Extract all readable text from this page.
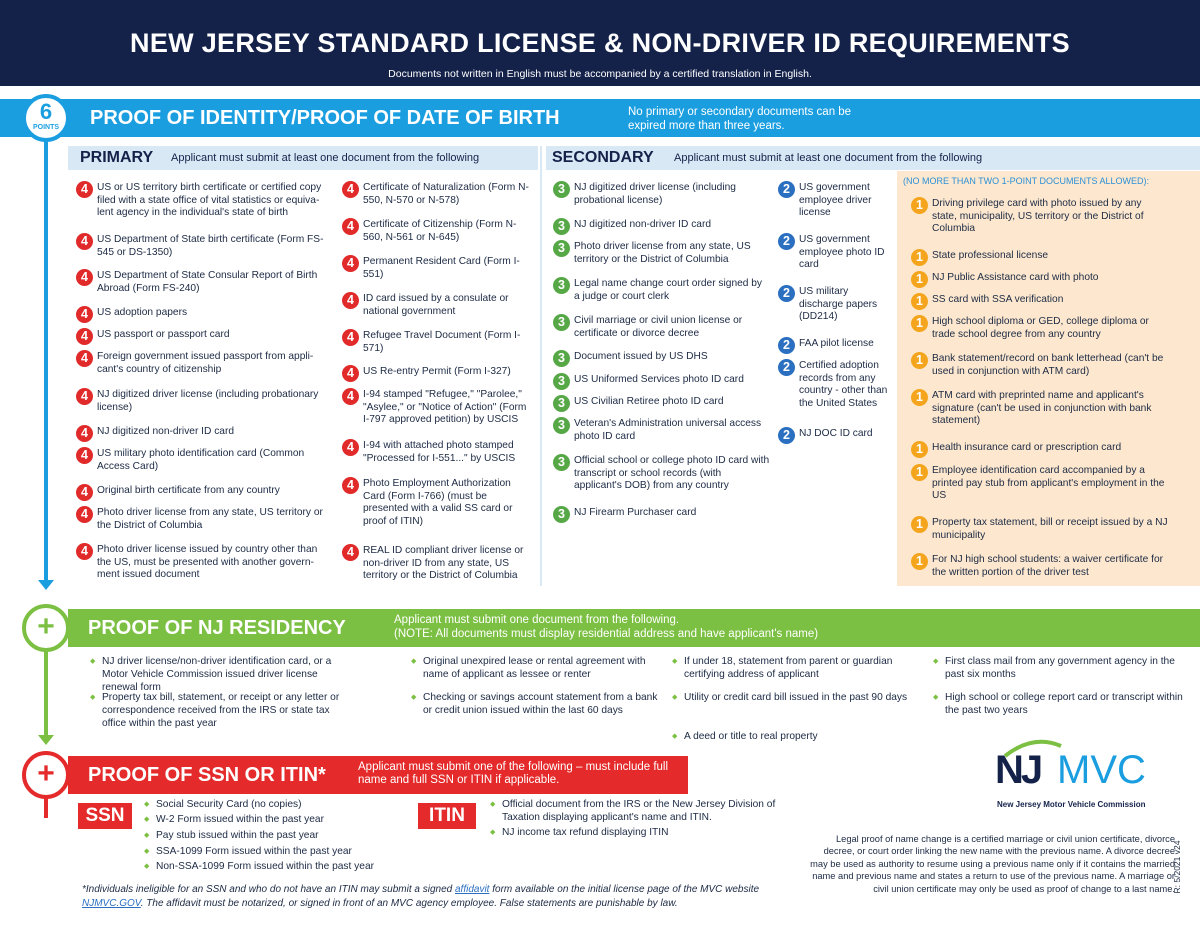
NEW JERSEY STANDARD LICENSE & NON-DRIVER ID REQUIREMENTS
Documents not written in English must be accompanied by a certified translation in English.
PROOF OF IDENTITY/PROOF OF DATE OF BIRTH	No primary or secondary documents can be expired more than three years.
6
POINTS
PRIMARY Applicant must submit at least one document from the following	SECONDARY Applicant must submit at least one document from the following
(NO MORE THAN TWO 1-POINT DOCUMENTS ALLOWED):
4 US or US territory birth certificate or certified copy filed with a state office of vital statistics or equiva- lent agency in the individual's state of birth
4 US Department of State birth certificate (Form FS-545 or DS-1350)
4 US Department of State Consular Report of Birth Abroad (Form FS-240)
4 US adoption papers
4 US passport or passport card
4 Foreign government issued passport from appli- cant's country of citizenship
4 NJ digitized driver license (including probationary license)
4 NJ digitized non-driver ID card
4 US military photo identification card (Common Access Card)
4 Original birth certificate from any country
4 Photo driver license from any state, US territory or the District of Columbia
4 Photo driver license issued by country other than the US, must be presented with another govern- ment issued document
4 Certificate of Naturalization (Form N-550, N-570 or N-578)
4 Certificate of Citizenship (Form N-560, N-561 or N-645)
4 Permanent Resident Card (Form I-551)
4 ID card issued by a consulate or national government
4 Refugee Travel Document (Form I-571)
4 US Re-entry Permit (Form I-327)
4 I-94 stamped "Refugee," "Parolee," "Asylee," or "Notice of Action" (Form I-797 approved petition) by USCIS
4 I-94 with attached photo stamped "Processed for I-551..." by USCIS
4 Photo Employment Authorization Card (Form I-766) (must be presented with a valid SS card or proof of ITIN)
4 REAL ID compliant driver license or non-driver ID from any state, US territory or the District of Columbia
3 NJ digitized driver license (including probational license)
3 NJ digitized non-driver ID card
3 Photo driver license from any state, US territory or the District of Columbia
3 Legal name change court order signed by a judge or court clerk
3 Civil marriage or civil union license or certificate or divorce decree
3 Document issued by US DHS
3 US Uniformed Services photo ID card
3 US Civilian Retiree photo ID card
3 Veteran's Administration universal access photo ID card
3 Official school or college photo ID card with transcript or school records (with applicant's DOB) from any country
3 NJ Firearm Purchaser card
2 US government employee driver license
2 US government employee photo ID card
2 US military discharge papers (DD214)
2 FAA pilot license
2 Certified adoption records from any country - other than the United States
2 NJ DOC ID card
1 Driving privilege card with photo issued by any state, municipality, US territory or the District of Columbia
1 State professional license
1 NJ Public Assistance card with photo
1 SS card with SSA verification
1 High school diploma or GED, college diploma or trade school degree from any country
1 Bank statement/record on bank letterhead (can't be used in conjunction with ATM card)
1 ATM card with preprinted name and applicant's signature (can't be used in conjunction with bank statement)
1 Health insurance card or prescription card
1 Employee identification card accompanied by a printed pay stub from applicant's employment in the US
1 Property tax statement, bill or receipt issued by a NJ municipality
1 For NJ high school students: a waiver certificate for the written portion of the driver test
PROOF OF NJ RESIDENCY	Applicant must submit one document from the following.
(NOTE: All documents must display residential address and have applicant's name)
+
◆ NJ driver license/non-driver identification card, or a Motor Vehicle Commission issued driver license renewal form
◆ Property tax bill, statement, or receipt or any letter or correspondence received from the IRS or state tax office within the past year
◆ Original unexpired lease or rental agreement with name of applicant as lessee or renter
◆ Checking or savings account statement from a bank or credit union issued within the last 60 days
◆ If under 18, statement from parent or guardian certifying address of applicant
◆ Utility or credit card bill issued in the past 90 days
◆ A deed or title to real property
◆ First class mail from any government agency in the past six months
◆ High school or college report card or transcript within the past two years
PROOF OF SSN OR ITIN*	Applicant must submit one of the following – must include full name and full SSN or ITIN if applicable.
+
SSN	ITIN
◆ Social Security Card (no copies)
◆ W-2 Form issued within the past year
◆ Pay stub issued within the past year
◆ SSA-1099 Form issued within the past year
◆ Non-SSA-1099 Form issued within the past year
◆ Official document from the IRS or the New Jersey Division of Taxation displaying applicant's name and ITIN.
◆ NJ income tax refund displaying ITIN
*Individuals ineligible for an SSN and who do not have an ITIN may submit a signed affidavit form available on the initial license page of the MVC website NJMVC.GOV. The affidavit must be notarized, or signed in front of an MVC agency employee. False statements are punishable by law.
NJ MVC
New Jersey Motor Vehicle Commission
Legal proof of name change is a certified marriage or civil union certificate, divorce decree, or court order linking the new name with the previous name. A divorce decree may be used as authority to resume using a previous name only if it contains the married name and previous name and states a return to use of the previous name. A marriage or civil union certificate may only be used as proof of change to a last name.
R: 5/2021 v24
